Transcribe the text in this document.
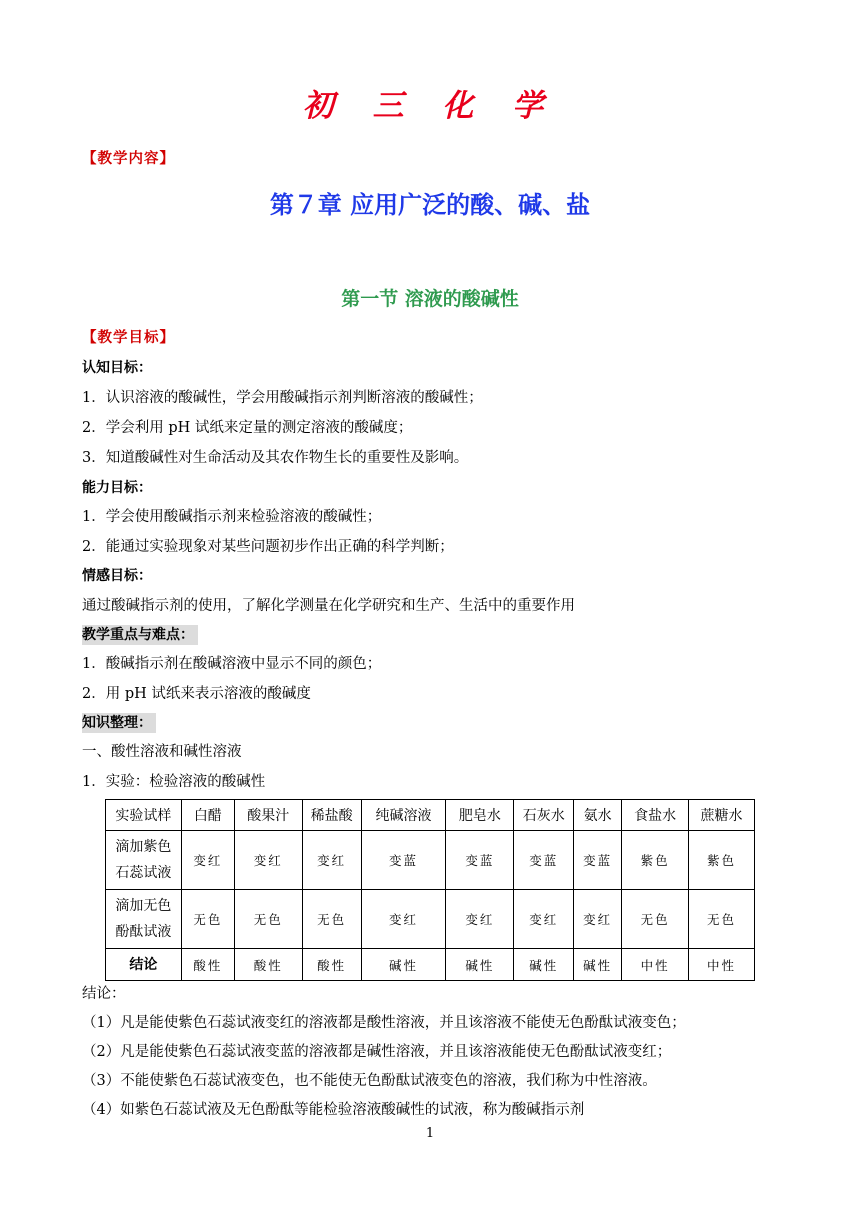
初 三 化 学
【教学内容】
第７章 应用广泛的酸、碱、盐
第一节 溶液的酸碱性
【教学目标】
认知目标：
1．认识溶液的酸碱性，学会用酸碱指示剂判断溶液的酸碱性；
2．学会利用 pH 试纸来定量的测定溶液的酸碱度；
3．知道酸碱性对生命活动及其农作物生长的重要性及影响。
能力目标：
1．学会使用酸碱指示剂来检验溶液的酸碱性；
2．能通过实验现象对某些问题初步作出正确的科学判断；
情感目标：
通过酸碱指示剂的使用，了解化学测量在化学研究和生产、生活中的重要作用
教学重点与难点：
1．酸碱指示剂在酸碱溶液中显示不同的颜色；
2．用 pH 试纸来表示溶液的酸碱度
知识整理：
一、酸性溶液和碱性溶液
1．实验：检验溶液的酸碱性
实验试样	白醋	酸果汁	稀盐酸	纯碱溶液	肥皂水	石灰水	氨水	食盐水	蔗糖水

滴加紫色
石蕊试液	变红	变红	变红	变蓝	变蓝	变蓝	变蓝	紫色	紫色

滴加无色
酚酞试液	无色	无色	无色	变红	变红	变红	变红	无色	无色
结论	酸性	酸性	酸性	碱性	碱性	碱性	碱性	中性	中性
结论：
（1）凡是能使紫色石蕊试液变红的溶液都是酸性溶液，并且该溶液不能使无色酚酞试液变色；
（2）凡是能使紫色石蕊试液变蓝的溶液都是碱性溶液，并且该溶液能使无色酚酞试液变红；
（3）不能使紫色石蕊试液变色，也不能使无色酚酞试液变色的溶液，我们称为中性溶液。
（4）如紫色石蕊试液及无色酚酞等能检验溶液酸碱性的试液，称为酸碱指示剂
1
